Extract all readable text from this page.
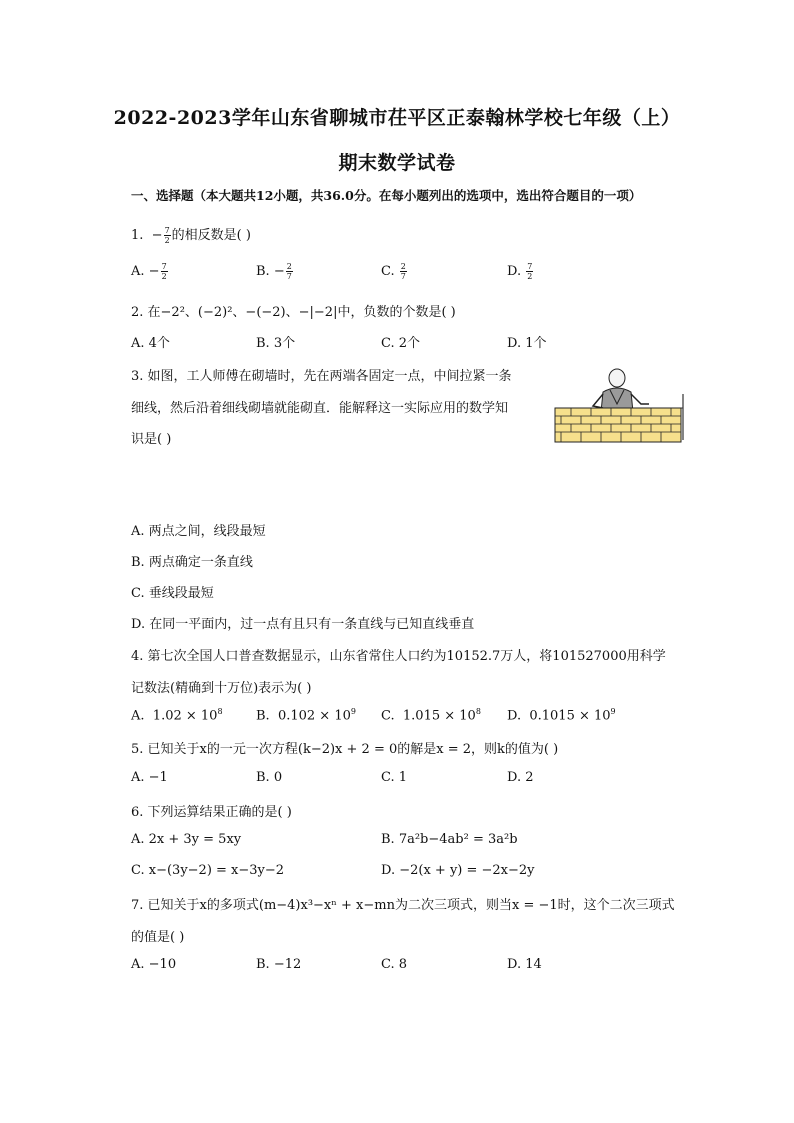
2022-2023学年山东省聊城市茌平区正泰翰林学校七年级（上）
期末数学试卷
一、选择题（本大题共12小题，共36.0分。在每小题列出的选项中，选出符合题目的一项）
1. − $\frac{7}{2}$ 的相反数是( )
A. − $\frac{7}{2}$	B. − $\frac{2}{7}$	C. $\frac{2}{7}$	D. $\frac{7}{2}$
2. 在−2²、(−2)²、−(−2)、−|−2|中，负数的个数是( )
A. 4个	B. 3个	C. 2个	D. 1个
3. 如图，工人师傅在砌墙时，先在两端各固定一点，中间拉紧一条
细线，然后沿着细线砌墙就能砌直．能解释这一实际应用的数学知
识是( )
A. 两点之间，线段最短
B. 两点确定一条直线
C. 垂线段最短
D. 在同一平面内，过一点有且只有一条直线与已知直线垂直
4. 第七次全国人口普查数据显示，山东省常住人口约为10152.7万人，将101527000用科学
记数法(精确到十万位)表示为( )
A. $1.02 \times 10^8$	B. $0.102 \times 10^9$ C. $1.015 \times 10^8$ D. $0.1015 \times 10^9$
5. 已知关于x的一元一次方程(k−2)x + 2 = 0的解是x = 2，则k的值为( )
A. −1	B. 0	C. 1	D. 2
6. 下列运算结果正确的是( )
A. 2x + 3y = 5xy	B. 7a²b−4ab² = 3a²b
C. x−(3y−2) = x−3y−2	D. −2(x + y) = −2x−2y
7. 已知关于x的多项式(m−4)x³−xⁿ + x−mn为二次三项式，则当x = −1时，这个二次三项式
的值是( )
A. −10	B. −12	C. 8	D. 14
